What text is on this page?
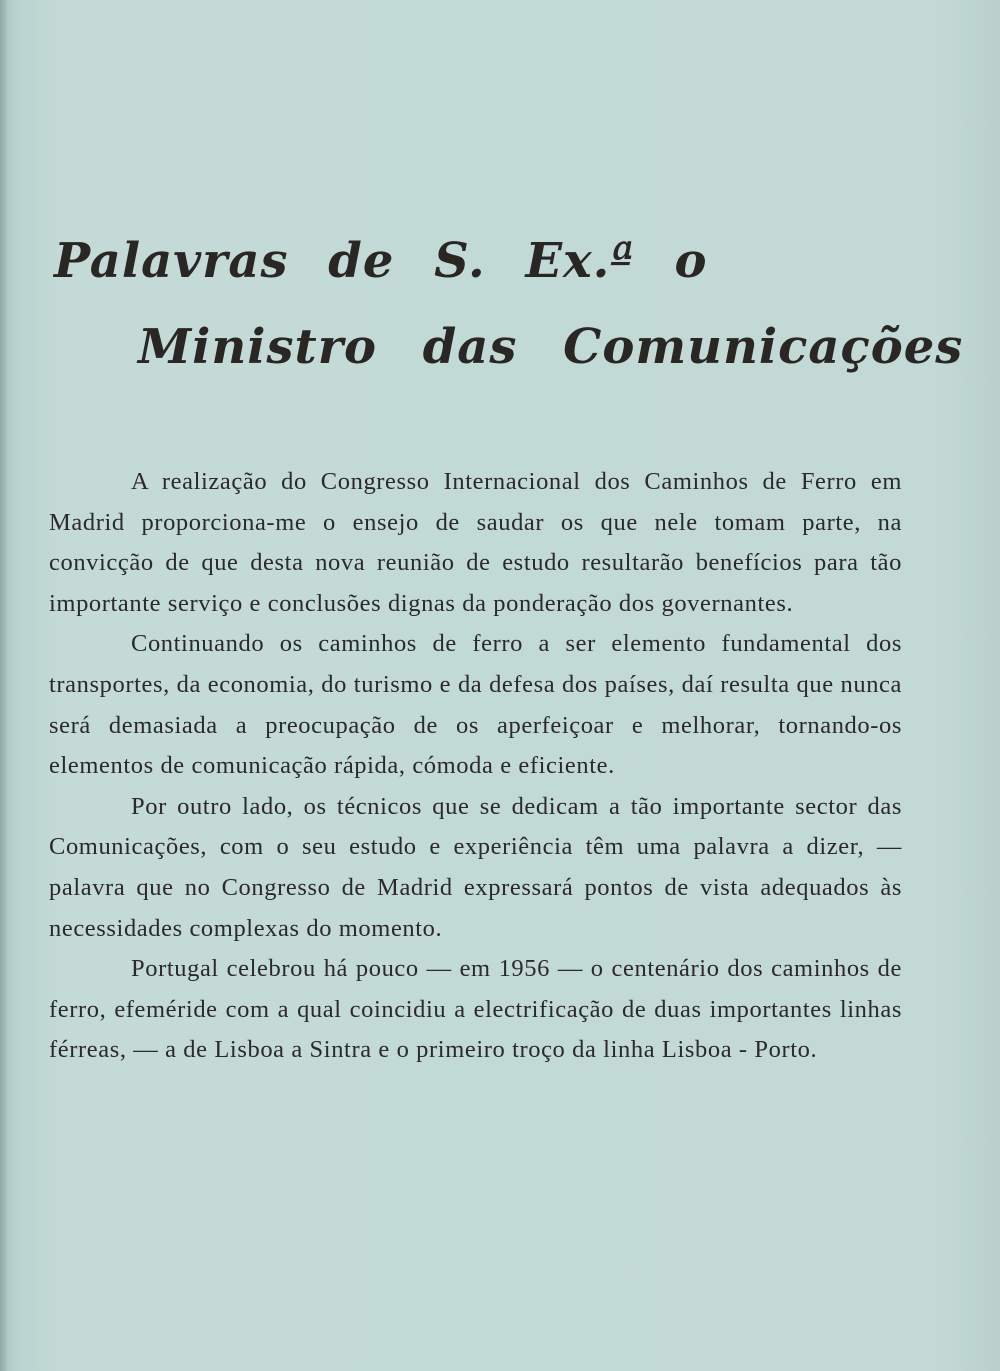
Palavras de S. Ex.ª o
Ministro das Comunicações

A realização do Congresso Internacional dos Caminhos de Ferro em Madrid proporciona-me o ensejo de saudar os que nele tomam parte, na convicção de que desta nova reunião de estudo resultarão benefícios para tão importante serviço e conclusões dignas da ponderação dos governantes.

Continuando os caminhos de ferro a ser elemento fundamental dos transportes, da economia, do turismo e da defesa dos países, daí resulta que nunca será demasiada a preocupação de os aperfeiçoar e melhorar, tornando-os elementos de comunicação rápida, cómoda e eficiente.

Por outro lado, os técnicos que se dedicam a tão importante sector das Comunicações, com o seu estudo e experiência têm uma palavra a dizer, — palavra que no Congresso de Madrid expressará pontos de vista adequados às necessidades complexas do momento.

Portugal celebrou há pouco — em 1956 — o centenário dos caminhos de ferro, efeméride com a qual coincidiu a electrificação de duas importantes linhas férreas, — a de Lisboa a Sintra e o primeiro troço da linha Lisboa - Porto.
